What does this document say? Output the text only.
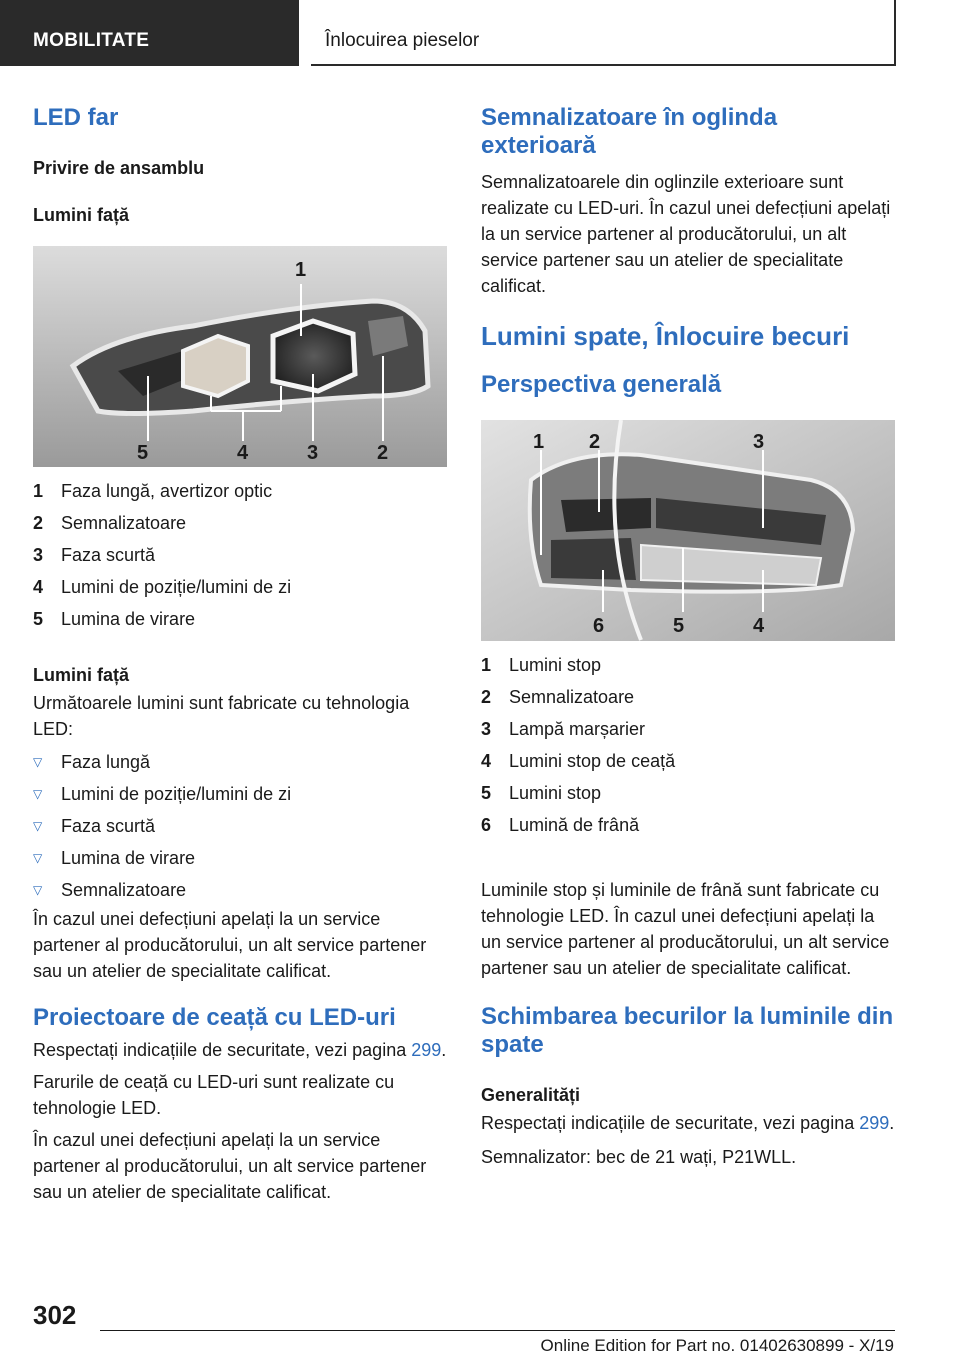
MOBILITATE	Înlocuirea pieselor
LED far
Privire de ansamblu
Lumini față
1
2
3
4
5
1 Faza lungă, avertizor optic
2 Semnalizatoare
3 Faza scurtă
4 Lumini de poziție/lumini de zi
5 Lumina de virare
Lumini față

Următoarele lumini sunt fabricate cu tehnologia LED:

▽	Faza lungă
▽	Lumini de poziție/lumini de zi
▽	Faza scurtă
▽	Lumina de virare
▽	Semnalizatoare

În cazul unei defecțiuni apelați la un service partener al producătorului, un alt service partener sau un atelier de specialitate calificat.

Proiectoare de ceață cu LED-uri

Respectați indicațiile de securitate, vezi pagina 299.

Farurile de ceață cu LED-uri sunt realizate cu tehnologie LED.

În cazul unei defecțiuni apelați la un service partener al producătorului, un alt service partener sau un atelier de specialitate calificat.

Semnalizatoare în oglinda exterioară

Semnalizatoarele din oglinzile exterioare sunt realizate cu LED-uri. În cazul unei defecțiuni apelați la un service partener al producătorului, un alt service partener sau un atelier de specialitate calificat.

Lumini spate, Înlocuire becuri
Perspectiva generală
1 2	3
4
5
6
1 Lumini stop
2 Semnalizatoare
3 Lampă marșarier
4 Lumini stop de ceață
5 Lumini stop
6 Lumină de frână

Luminile stop și luminile de frână sunt fabricate cu tehnologie LED. În cazul unei defecțiuni apelați la un service partener al producătorului, un alt service partener sau un atelier de specialitate calificat.

Schimbarea becurilor la luminile din spate
Generalități

Respectați indicațiile de securitate, vezi pagina 299.

Semnalizator: bec de 21 wați, P21WLL.

302
Online Edition for Part no. 01402630899 - X/19
